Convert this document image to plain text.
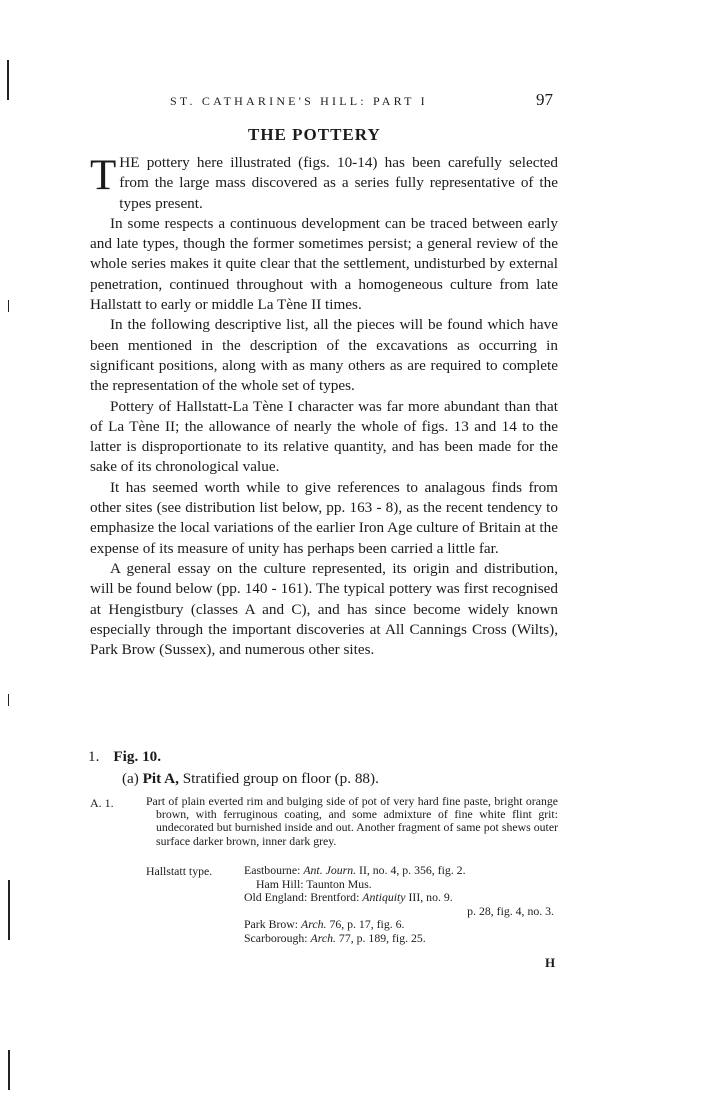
ST. CATHARINE'S HILL: PART I	97
THE POTTERY

THE pottery here illustrated (figs. 10-14) has been carefully selected from the large mass discovered as a series fully representative of the types present.

In some respects a continuous development can be traced between early and late types, though the former sometimes persist; a general review of the whole series makes it quite clear that the settlement, undisturbed by external penetration, continued throughout with a homogeneous culture from late Hallstatt to early or middle La Tène II times.

In the following descriptive list, all the pieces will be found which have been mentioned in the description of the excavations as occurring in significant positions, along with as many others as are required to complete the representation of the whole set of types.

Pottery of Hallstatt-La Tène I character was far more abundant than that of La Tène II; the allowance of nearly the whole of figs. 13 and 14 to the latter is disproportionate to its relative quantity, and has been made for the sake of its chronological value.

It has seemed worth while to give references to analagous finds from other sites (see distribution list below, pp. 163 - 8), as the recent tendency to emphasize the local variations of the earlier Iron Age culture of Britain at the expense of its measure of unity has perhaps been carried a little far.

A general essay on the culture represented, its origin and distribution, will be found below (pp. 140 - 161). The typical pottery was first recognised at Hengistbury (classes A and C), and has since become widely known especially through the important discoveries at All Cannings Cross (Wilts), Park Brow (Sussex), and numerous other sites.

1. Fig. 10.
(a) Pit A, Stratified group on floor (p. 88).
A. 1.	Part of plain everted rim and bulging side of pot of very hard fine paste, bright orange brown, with ferruginous coating, and some admixture of fine white flint grit: undecorated but burnished inside and out. Another fragment of same pot shews outer surface darker brown, inner dark grey.

Hallstatt type.	Eastbourne: Ant. Journ. II, no. 4, p. 356, fig. 2.

Ham Hill: Taunton Mus.

Old England: Brentford: Antiquity III, no. 9.

p. 28, fig. 4, no. 3.

Park Brow: Arch. 76, p. 17, fig. 6.

Scarborough: Arch. 77, p. 189, fig. 25.

H
